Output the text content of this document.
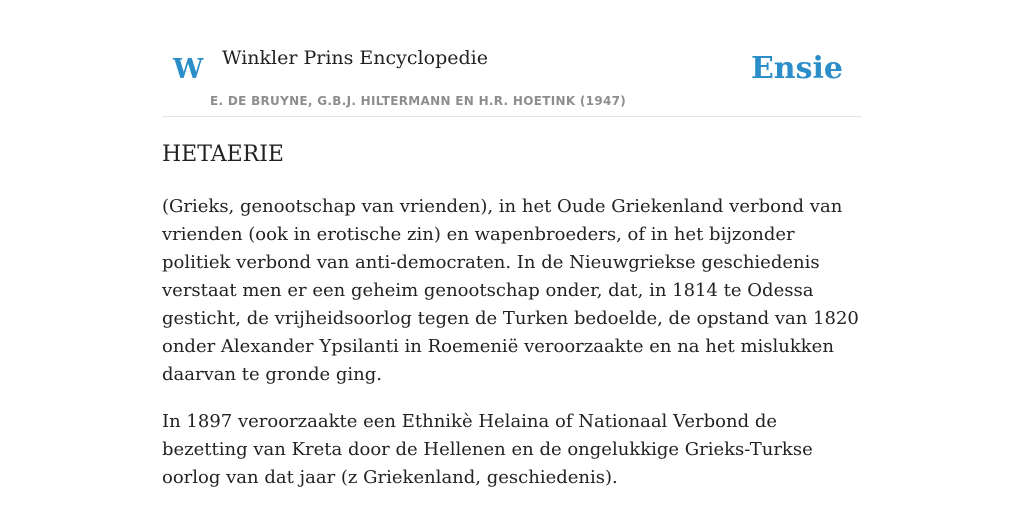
W Winkler Prins Encyclopedie
E. DE BRUYNE, G.B.J. HILTERMANN EN H.R. HOETINK (1947)
Ensie
HETAERIE

(Grieks, genootschap van vrienden), in het Oude Griekenland verbond van vrienden (ook in erotische zin) en wapenbroeders, of in het bijzonder politiek verbond van anti-democraten. In de Nieuwgriekse geschiedenis verstaat men er een geheim genootschap onder, dat, in 1814 te Odessa gesticht, de vrijheidsoorlog tegen de Turken bedoelde, de opstand van 1820 onder Alexander Ypsilanti in Roemenië veroorzaakte en na het mislukken daarvan te gronde ging.

In 1897 veroorzaakte een Ethnikè Helaina of Nationaal Verbond de bezetting van Kreta door de Hellenen en de ongelukkige Grieks-Turkse oorlog van dat jaar (z Griekenland, geschiedenis).
